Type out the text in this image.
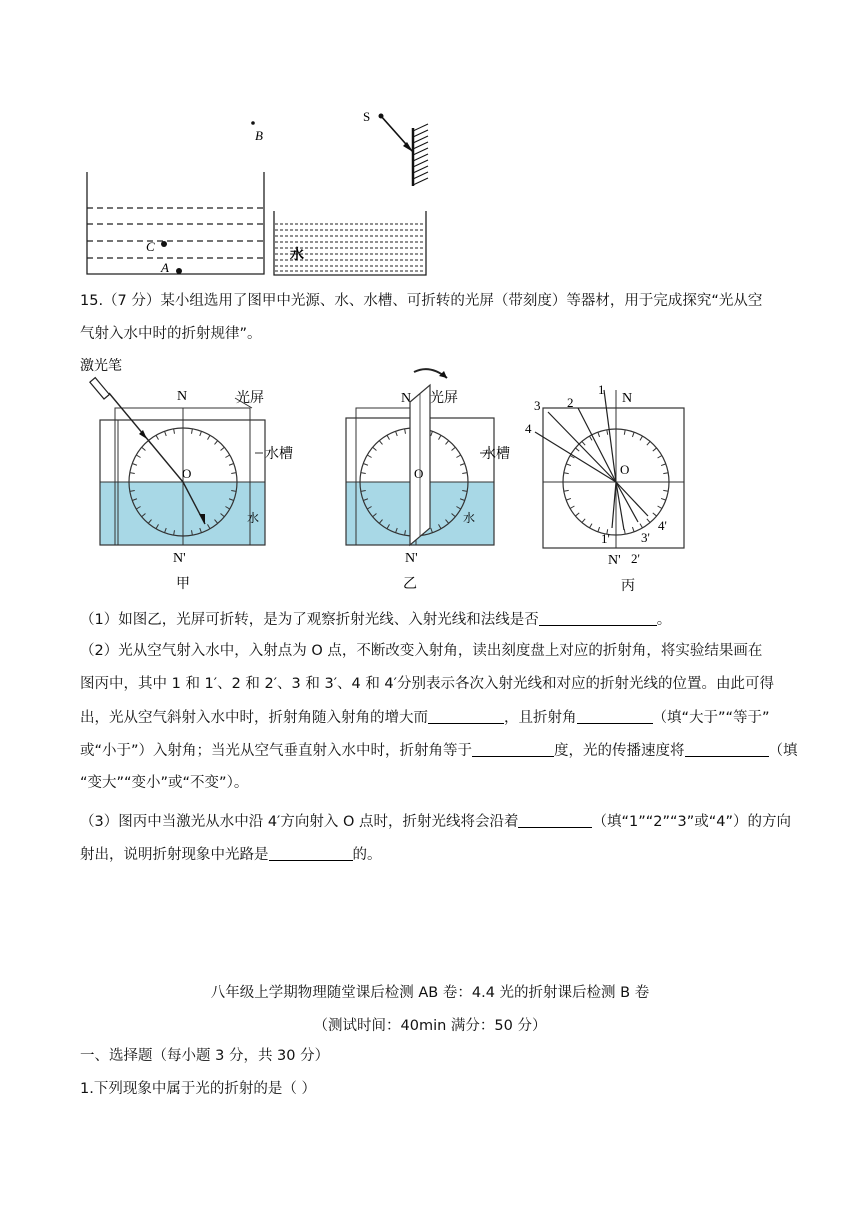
B
C
A
水
S
15.（7 分）某小组选用了图甲中光源、水、水槽、可折转的光屏（带刻度）等器材，用于完成探究“光从空
气射入水中时的折射规律”。
激光笔
N	光屏
水槽
O
水
N'
甲
N 光屏
水槽
O
水
N'
乙
N
O
1
2
3
4
1'
2'
3'
4'
N'
丙
（1）如图乙，光屏可折转，是为了观察折射光线、入射光线和法线是否	。
（2）光从空气射入水中，入射点为 O 点，不断改变入射角，读出刻度盘上对应的折射角，将实验结果画在
图丙中，其中 1 和 1′、2 和 2′、3 和 3′、4 和 4′分别表示各次入射光线和对应的折射光线的位置。由此可得
出，光从空气斜射入水中时，折射角随入射角的增大而	，且折射角	（填“大于”“等于”
或“小于”）入射角；当光从空气垂直射入水中时，折射角等于	度，光的传播速度将	（填
“变大”“变小”或“不变”）。
（3）图丙中当激光从水中沿 4′方向射入 O 点时，折射光线将会沿着	（填“1”“2”“3”或“4”）的方向
射出，说明折射现象中光路是	的。
八年级上学期物理随堂课后检测 AB 卷：4.4 光的折射课后检测 B 卷
（测试时间：40min 满分：50 分）
一、选择题（每小题 3 分，共 30 分）
1.下列现象中属于光的折射的是（ ）
